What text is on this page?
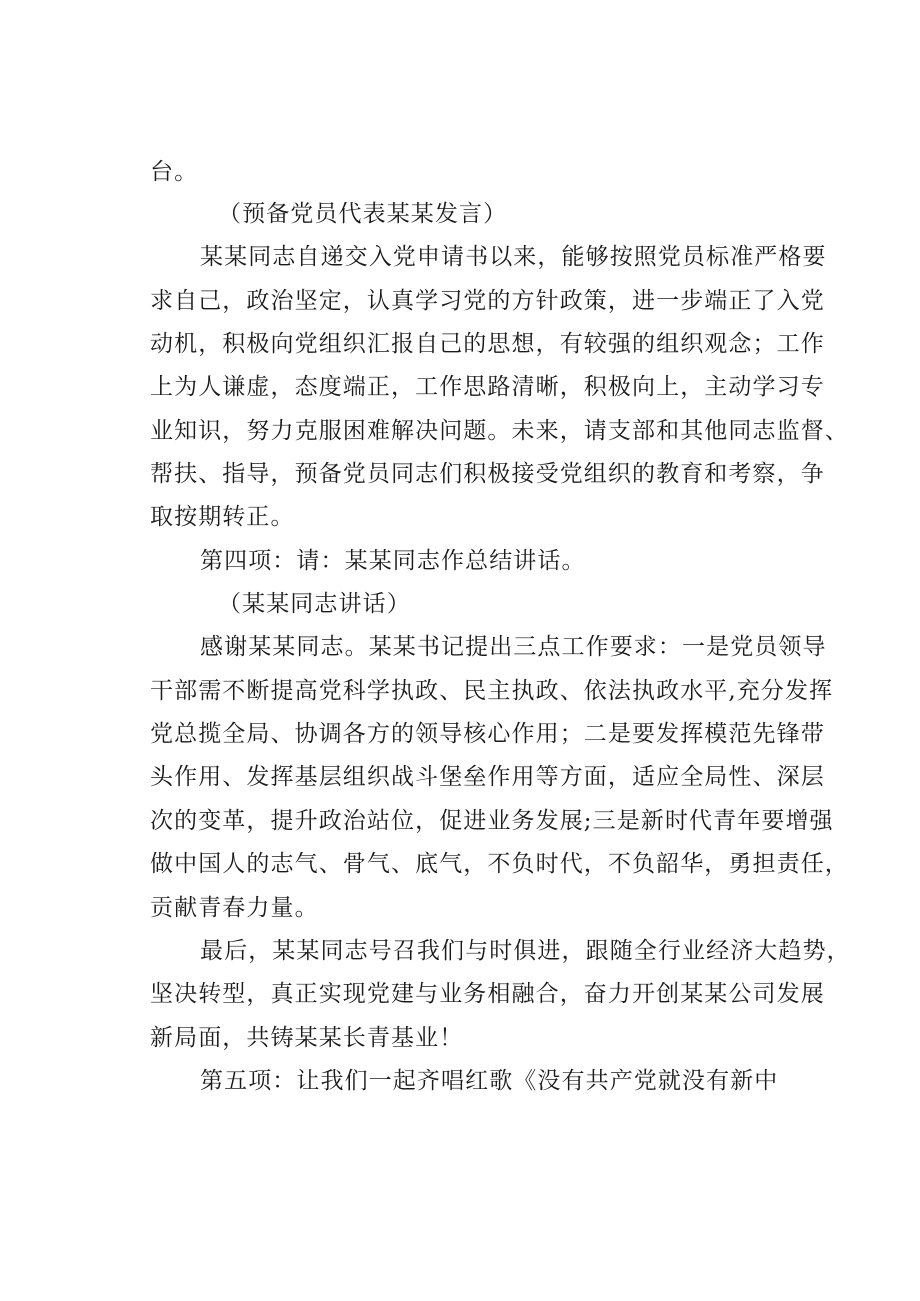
台。
（预备党员代表某某发言）
某某同志自递交入党申请书以来，能够按照党员标准严格要
求自己，政治坚定，认真学习党的方针政策，进一步端正了入党
动机，积极向党组织汇报自己的思想，有较强的组织观念；工作
上为人谦虚，态度端正，工作思路清晰，积极向上，主动学习专
业知识，努力克服困难解决问题。未来，请支部和其他同志监督、
帮扶、指导，预备党员同志们积极接受党组织的教育和考察，争
取按期转正。
第四项：请：某某同志作总结讲话。
（某某同志讲话）
感谢某某同志。某某书记提出三点工作要求：一是党员领导
干部需不断提高党科学执政、民主执政、依法执政水平,充分发挥
党总揽全局、协调各方的领导核心作用；二是要发挥模范先锋带
头作用、发挥基层组织战斗堡垒作用等方面，适应全局性、深层
次的变革，提升政治站位，促进业务发展;三是新时代青年要增强
做中国人的志气、骨气、底气，不负时代，不负韶华，勇担责任，
贡献青春力量。
最后，某某同志号召我们与时俱进，跟随全行业经济大趋势，
坚决转型，真正实现党建与业务相融合，奋力开创某某公司发展
新局面，共铸某某长青基业！
第五项：让我们一起齐唱红歌《没有共产党就没有新中
